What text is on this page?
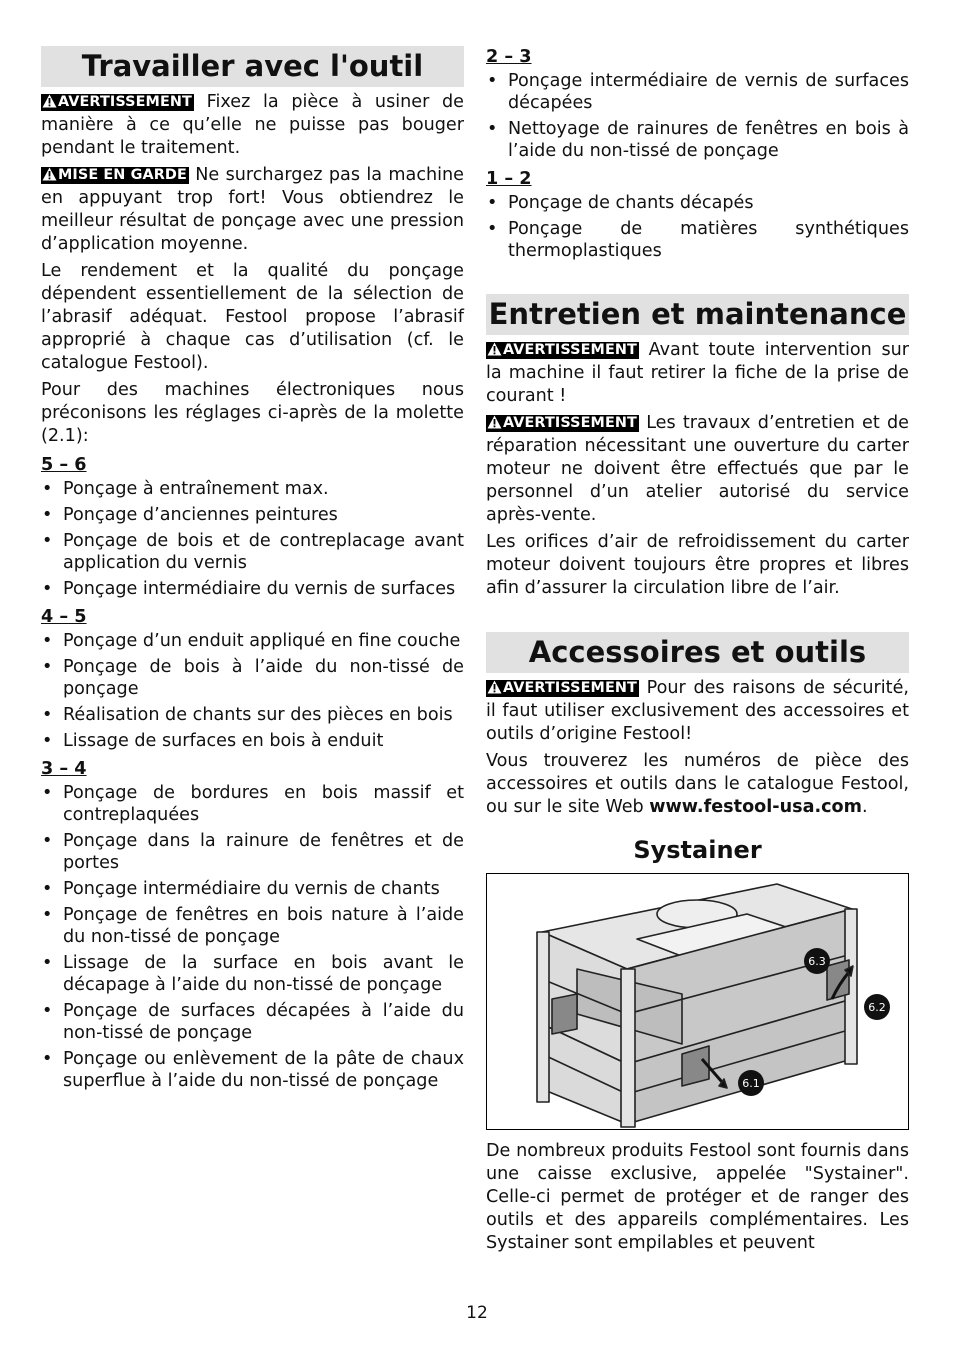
Travailler avec l'outil

AVERTISSEMENT Fixez la pièce à usiner de manière à ce qu’elle ne puisse pas bouger pendant le traitement.

MISE EN GARDE Ne surchargez pas la machine en appuyant trop fort! Vous obtiendrez le meilleur résultat de ponçage avec une pression d’application moyenne.

Le rendement et la qualité du ponçage dépendent essentiellement de la sélection de l’abrasif adéquat. Festool propose l’abrasif approprié à chaque cas d’utilisation (cf. le catalogue Festool).

Pour des machines électroniques nous préconisons les réglages ci-après de la molette (2.1):

5 – 6
• Ponçage à entraînement max.
• Ponçage d’anciennes peintures
• Ponçage de bois et de contreplacage avant application du vernis
• Ponçage intermédiaire du vernis de surfaces
4 – 5
• Ponçage d’un enduit appliqué en fine couche
• Ponçage de bois à l’aide du non-tissé de ponçage
• Réalisation de chants sur des pièces en bois
• Lissage de surfaces en bois à enduit
3 – 4
• Ponçage de bordures en bois massif et contreplaquées
• Ponçage dans la rainure de fenêtres et de portes
• Ponçage intermédiaire du vernis de chants
• Ponçage de fenêtres en bois nature à l’aide du non-tissé de ponçage
• Lissage de la surface en bois avant le décapage à l’aide du non-tissé de ponçage
• Ponçage de surfaces décapées à l’aide du non-tissé de ponçage
• Ponçage ou enlèvement de la pâte de chaux superflue à l’aide du non-tissé de ponçage
2 – 3
• Ponçage intermédiaire de vernis de surfaces décapées
• Nettoyage de rainures de fenêtres en bois à l’aide du non-tissé de ponçage
1 – 2
• Ponçage de chants décapés
• Ponçage de matières synthétiques thermoplastiques
Entretien et maintenance

AVERTISSEMENT Avant toute intervention sur la machine il faut retirer la fiche de la prise de courant !

AVERTISSEMENT Les travaux d’entretien et de réparation nécessitant une ouverture du carter moteur ne doivent être effectués que par le personnel d’un atelier autorisé du service après-vente.

Les orifices d’air de refroidissement du carter moteur doivent toujours être propres et libres afin d’assurer la circulation libre de l’air.

Accessoires et outils

AVERTISSEMENT Pour des raisons de sécurité, il faut utiliser exclusivement des accessoires et outils d’origine Festool!

Vous trouverez les numéros de pièce des accessoires et outils dans le catalogue Festool, ou sur le site Web www.festool-usa.com.

Systainer
6.3
6.2
6.1

De nombreux produits Festool sont fournis dans une caisse exclusive, appelée "Systainer". Celle-ci permet de protéger et de ranger des outils et des appareils complémentaires. Les Systainer sont empilables et peuvent

12
